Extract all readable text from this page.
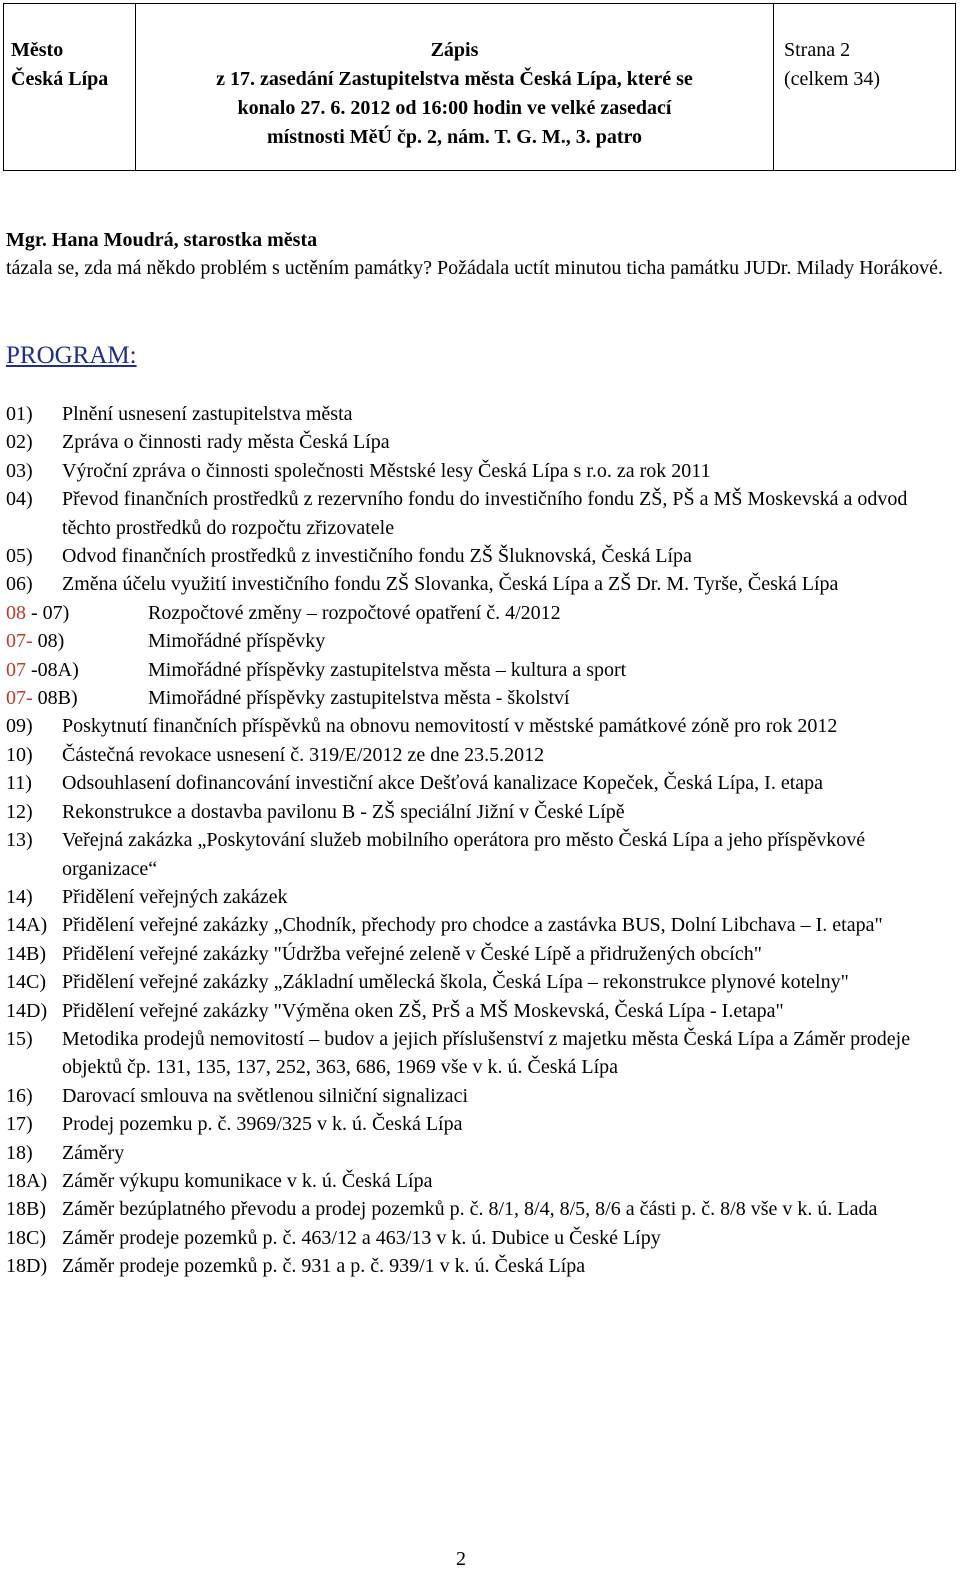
Město
Česká Lípa
Zápis
z 17. zasedání Zastupitelstva města Česká Lípa, které se
konalo 27. 6. 2012 od 16:00 hodin ve velké zasedací
místnosti MěÚ čp. 2, nám. T. G. M., 3. patro
Strana 2
(celkem 34)
Mgr. Hana Moudrá, starostka města
tázala se, zda má někdo problém s uctěním památky? Požádala uctít minutou ticha památku JUDr. Milady Horákové.
PROGRAM:
01)	Plnění usnesení zastupitelstva města
02)	Zpráva o činnosti rady města Česká Lípa
03)	Výroční zpráva o činnosti společnosti Městské lesy Česká Lípa s r.o. za rok 2011
04)	Převod finančních prostředků z rezervního fondu do investičního fondu ZŠ, PŠ a MŠ Moskevská a odvod těchto prostředků do rozpočtu zřizovatele
05)	Odvod finančních prostředků z investičního fondu ZŠ Šluknovská, Česká Lípa
06)	Změna účelu využití investičního fondu ZŠ Slovanka, Česká Lípa a ZŠ Dr. M. Tyrše, Česká Lípa
08 - 07)	Rozpočtové změny – rozpočtové opatření č. 4/2012
07- 08)	Mimořádné příspěvky
07 -08A)	Mimořádné příspěvky zastupitelstva města – kultura a sport
07- 08B)	Mimořádné příspěvky zastupitelstva města - školství
09)	Poskytnutí finančních příspěvků na obnovu nemovitostí v městské památkové zóně pro rok 2012
10)	Částečná revokace usnesení č. 319/E/2012 ze dne 23.5.2012
11)	Odsouhlasení dofinancování investiční akce Dešťová kanalizace Kopeček, Česká Lípa, I. etapa
12)	Rekonstrukce a dostavba pavilonu B - ZŠ speciální Jižní v České Lípě
13)	Veřejná zakázka „Poskytování služeb mobilního operátora pro město Česká Lípa a jeho příspěvkové organizace“
14)	Přidělení veřejných zakázek
14A) Přidělení veřejné zakázky „Chodník, přechody pro chodce a zastávka BUS, Dolní Libchava – I. etapa"
14B) Přidělení veřejné zakázky "Údržba veřejné zeleně v České Lípě a přidružených obcích"
14C) Přidělení veřejné zakázky „Základní umělecká škola, Česká Lípa – rekonstrukce plynové kotelny"
14D) Přidělení veřejné zakázky "Výměna oken ZŠ, PrŠ a MŠ Moskevská, Česká Lípa - I.etapa"
15)	Metodika prodejů nemovitostí – budov a jejich příslušenství z majetku města Česká Lípa a Záměr prodeje objektů čp. 131, 135, 137, 252, 363, 686, 1969 vše v k. ú. Česká Lípa
16)	Darovací smlouva na světlenou silniční signalizaci
17)	Prodej pozemku p. č. 3969/325 v k. ú. Česká Lípa
18)	Záměry
18A) Záměr výkupu komunikace v k. ú. Česká Lípa
18B) Záměr bezúplatného převodu a prodej pozemků p. č. 8/1, 8/4, 8/5, 8/6 a části p. č. 8/8 vše v k. ú. Lada
18C) Záměr prodeje pozemků p. č. 463/12 a 463/13 v k. ú. Dubice u České Lípy
18D) Záměr prodeje pozemků p. č. 931 a p. č. 939/1 v k. ú. Česká Lípa
2
